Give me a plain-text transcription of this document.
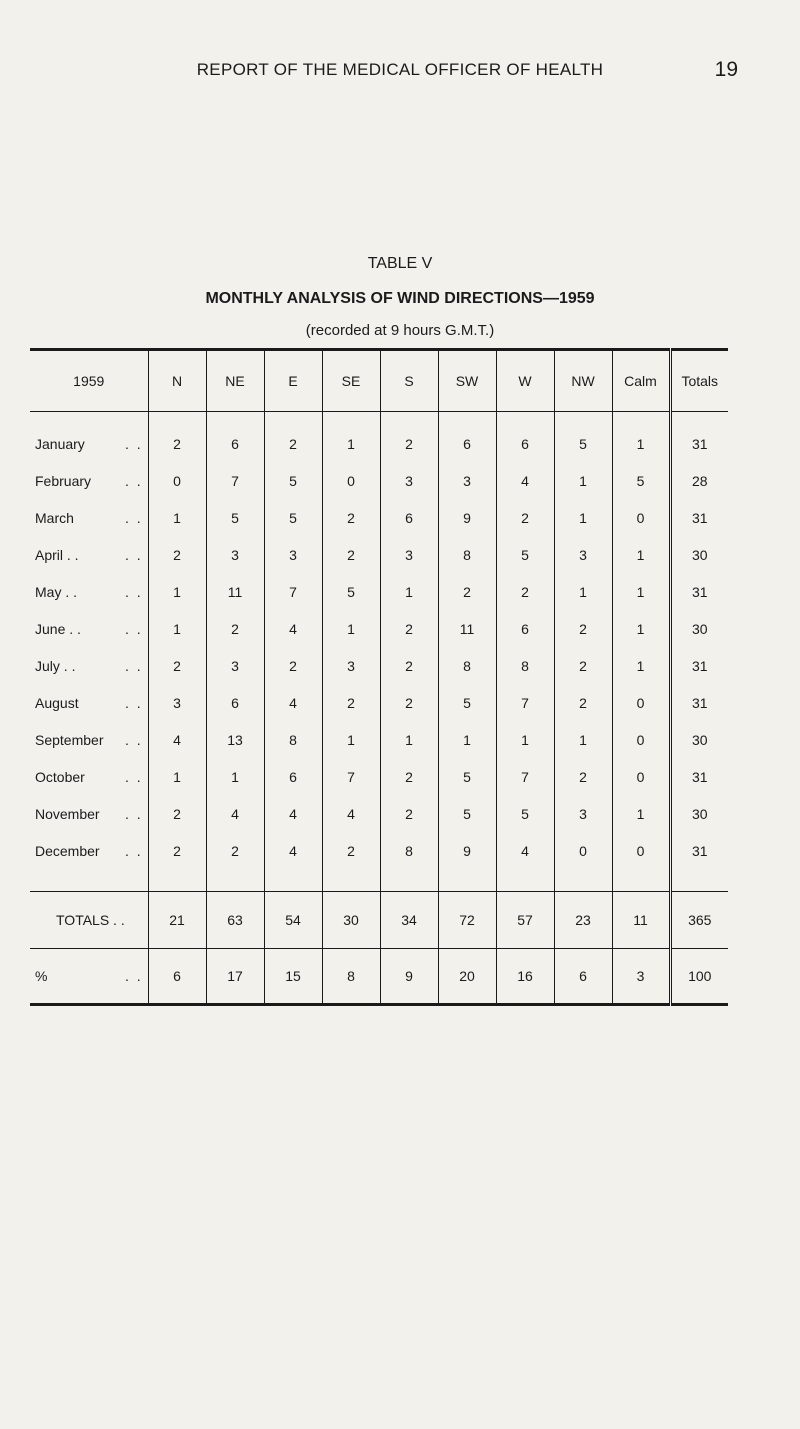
REPORT OF THE MEDICAL OFFICER OF HEALTH	19
TABLE V
MONTHLY ANALYSIS OF WIND DIRECTIONS—1959
(recorded at 9 hours G.M.T.)
1959	N	NE	E	SE	S	SW	W	NW	Calm	Totals
January . .	2	6	2	1	2	6	6	5	1	31
February . .	0	7	5	0	3	3	4	1	5	28
March . .	1	5	5	2	6	9	2	1	0	31
April . . . .	2	3	3	2	3	8	5	3	1	30
May . . . .	1	11	7	5	1	2	2	1	1	31
June . . . .	1	2	4	1	2	11	6	2	1	30
July . . . .	2	3	2	3	2	8	8	2	1	31
August . .	3	6	4	2	2	5	7	2	0	31
September . .	4	13	8	1	1	1	1	1	0	30
October . .	1	1	6	7	2	5	7	2	0	31
November . .	2	4	4	4	2	5	5	3	1	30
December . .	2	2	4	2	8	9	4	0	0	31
TOTALS . .	21	63	54	30	34	72	57	23	11	365
% . .	6	17	15	8	9	20	16	6	3	100
